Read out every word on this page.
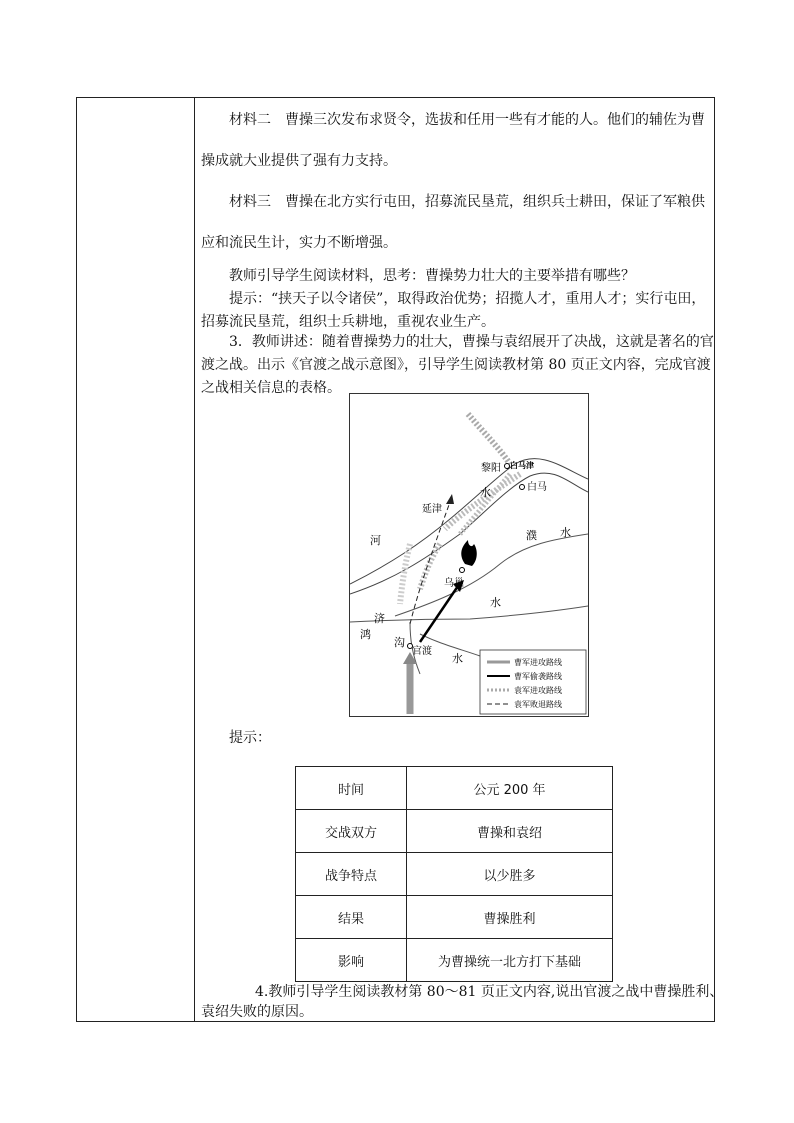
材料二　曹操三次发布求贤令，选拔和任用一些有才能的人。他们的辅佐为曹
操成就大业提供了强有力支持。
材料三　曹操在北方实行屯田，招募流民垦荒，组织兵士耕田，保证了军粮供
应和流民生计，实力不断增强。
教师引导学生阅读材料，思考：曹操势力壮大的主要举措有哪些？
提示：“挟天子以令诸侯”，取得政治优势；招揽人才，重用人才；实行屯田，
招募流民垦荒，组织士兵耕地，重视农业生产。
3．教师讲述：随着曹操势力的壮大，曹操与袁绍展开了决战，这就是著名的官
渡之战。出示《官渡之战示意图》，引导学生阅读教材第 80 页正文内容，完成官渡
之战相关信息的表格。
黎阳 白马津
白马
延津
乌巢
官渡
河
水
濮 水
水
济
鸿
沟
水	曹军进攻路线
曹军偷袭路线
袁军进攻路线
袁军败退路线
提示：
时间	公元 200 年
交战双方	曹操和袁绍
战争特点	以少胜多
结果	曹操胜利
影响	为曹操统一北方打下基础
4.教师引导学生阅读教材第 80～81 页正文内容,说出官渡之战中曹操胜利、
袁绍失败的原因。
